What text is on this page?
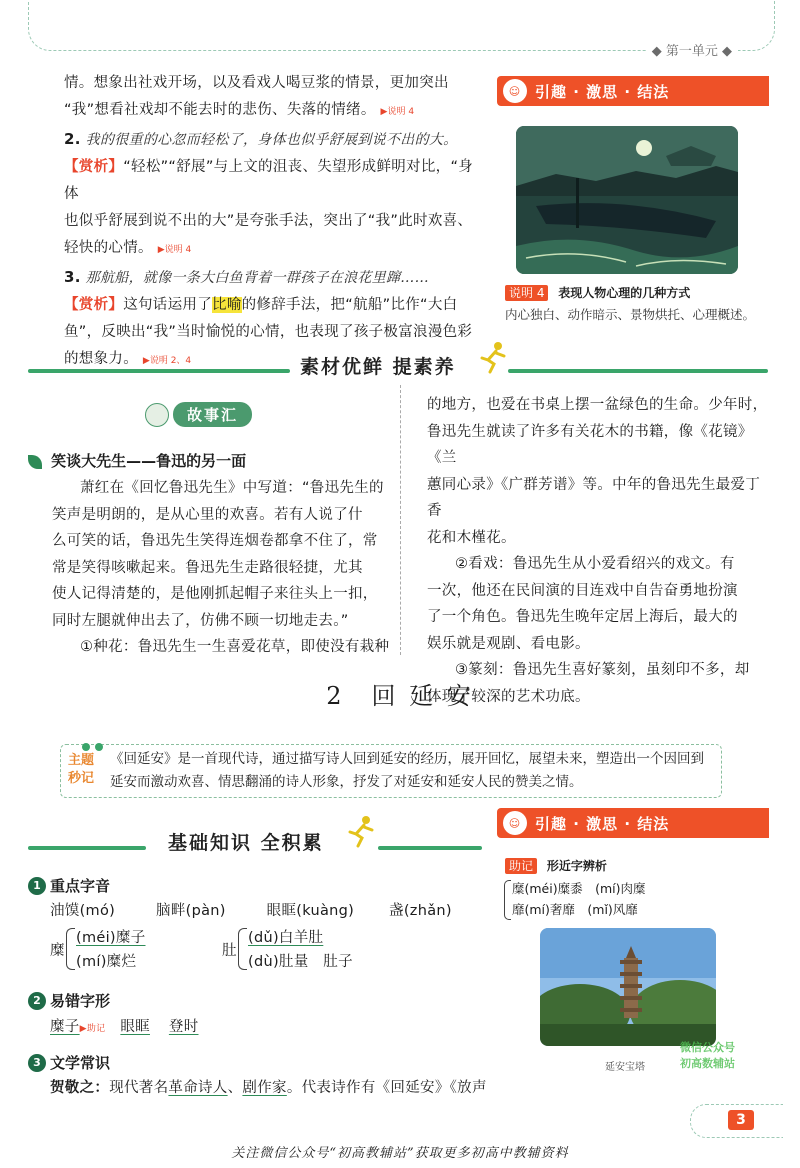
◆ 第一单元 ◆
情。想象出社戏开场，以及看戏人喝豆浆的情景，更加突出
“我”想看社戏却不能去时的悲伤、失落的情绪。 ▶说明 4
2. 我的很重的心忽而轻松了，身体也似乎舒展到说不出的大。
【赏析】“轻松”“舒展”与上文的沮丧、失望形成鲜明对比，“身体
也似乎舒展到说不出的大”是夸张手法，突出了“我”此时欢喜、
轻快的心情。 ▶说明 4
3. 那航船，就像一条大白鱼背着一群孩子在浪花里蹿……
【赏析】这句话运用了比喻的修辞手法，把“航船”比作“大白
鱼”，反映出“我”当时愉悦的心情，也表现了孩子极富浪漫色彩
的想象力。 ▶说明 2、4
☺ 引趣 · 激思 · 结法
说明 4 表现人物心理的几种方式
内心独白、动作暗示、景物烘托、心理概述。
素材优鲜 提素养
故事汇
笑谈大先生——鲁迅的另一面
萧红在《回忆鲁迅先生》中写道：“鲁迅先生的
笑声是明朗的，是从心里的欢喜。若有人说了什
么可笑的话，鲁迅先生笑得连烟卷都拿不住了，常
常是笑得咳嗽起来。鲁迅先生走路很轻捷，尤其
使人记得清楚的，是他刚抓起帽子来往头上一扣，
同时左腿就伸出去了，仿佛不顾一切地走去。”
①种花：鲁迅先生一生喜爱花草，即使没有栽种
的地方，也爱在书桌上摆一盆绿色的生命。少年时，
鲁迅先生就读了许多有关花木的书籍，像《花镜》《兰
蕙同心录》《广群芳谱》等。中年的鲁迅先生最爱丁香
花和木槿花。
②看戏：鲁迅先生从小爱看绍兴的戏文。有
一次，他还在民间演的目连戏中自告奋勇地扮演
了一个角色。鲁迅先生晚年定居上海后，最大的
娱乐就是观剧、看电影。
③篆刻：鲁迅先生喜好篆刻，虽刻印不多，却
体现了较深的艺术功底。
2　回 延 安

主题
秒记
《回延安》是一首现代诗，通过描写诗人回到延安的经历，展开回忆，展望未来，塑造出一个因回到
延安而激动欢喜、情思翻涌的诗人形象，抒发了对延安和延安人民的赞美之情。
基础知识 全积累
1 重点字音
油馍(mó)	脑畔(pàn)	眼眶(kuàng) 盏(zhǎn)
糜
(méi)糜子
(mí)糜烂
肚
(dǔ)白羊肚
(dù)肚量　肚子
2 易错字形
糜子▶助记 眼眶 登时
3 文学常识
贺敬之：现代著名革命诗人、剧作家。代表诗作有《回延安》《放声
☺ 引趣 · 激思 · 结法
助记 形近字辨析
糜(méi)糜黍　(mí)肉糜
靡(mí)奢靡　(mǐ)风靡
延安宝塔
微信公众号
初高数辅站
3
关注微信公众号“初高教辅站”获取更多初高中教辅资料
